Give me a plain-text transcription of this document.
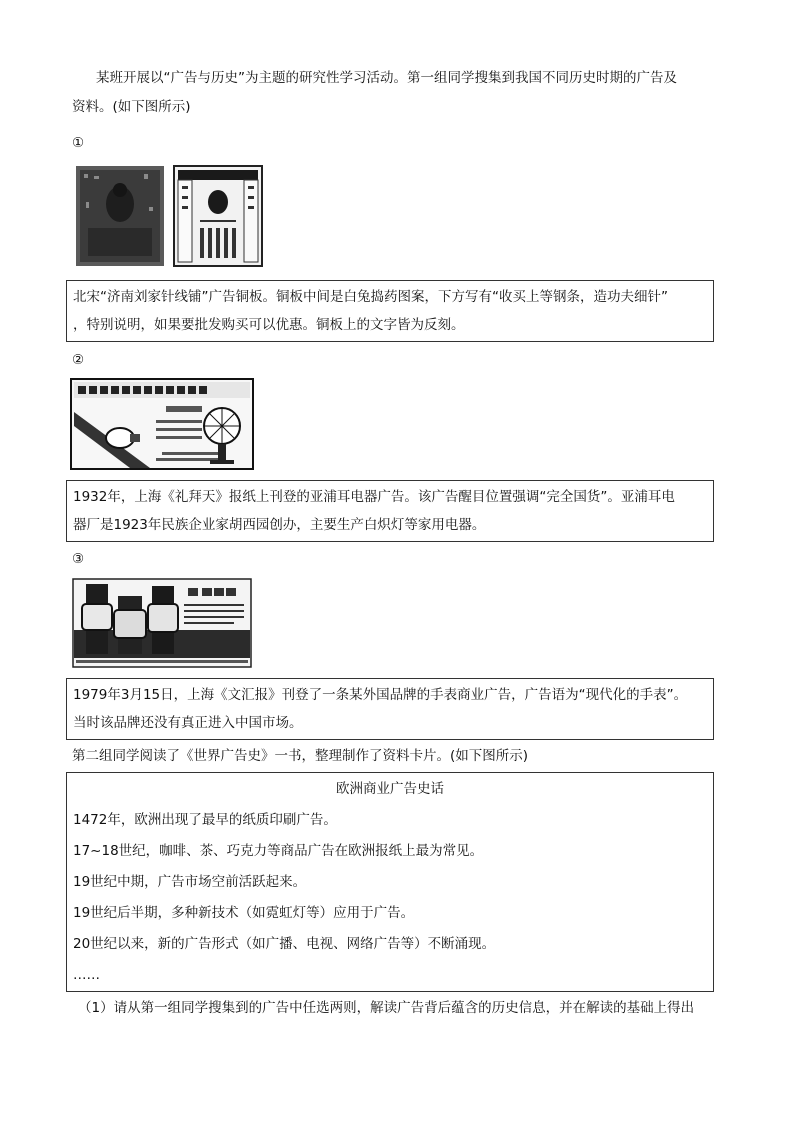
某班开展以“广告与历史”为主题的研究性学习活动。第一组同学搜集到我国不同历史时期的广告及
资料。(如下图所示)
①
北宋“济南刘家针线铺”广告铜板。铜板中间是白兔捣药图案，下方写有“收买上等钢条，造功夫细针”
，特别说明，如果要批发购买可以优惠。铜板上的文字皆为反刻。
②
1932年，上海《礼拜天》报纸上刊登的亚浦耳电器广告。该广告醒目位置强调“完全国货”。亚浦耳电
器厂是1923年民族企业家胡西园创办，主要生产白炽灯等家用电器。
③
1979年3月15日，上海《文汇报》刊登了一条某外国品牌的手表商业广告，广告语为“现代化的手表”。
当时该品牌还没有真正进入中国市场。
第二组同学阅读了《世界广告史》一书，整理制作了资料卡片。(如下图所示)
欧洲商业广告史话
1472年，欧洲出现了最早的纸质印刷广告。
17~18世纪，咖啡、茶、巧克力等商品广告在欧洲报纸上最为常见。
19世纪中期，广告市场空前活跃起来。
19世纪后半期，多种新技术（如霓虹灯等）应用于广告。
20世纪以来，新的广告形式（如广播、电视、网络广告等）不断涌现。
……
（1）请从第一组同学搜集到的广告中任选两则，解读广告背后蕴含的历史信息，并在解读的基础上得出
